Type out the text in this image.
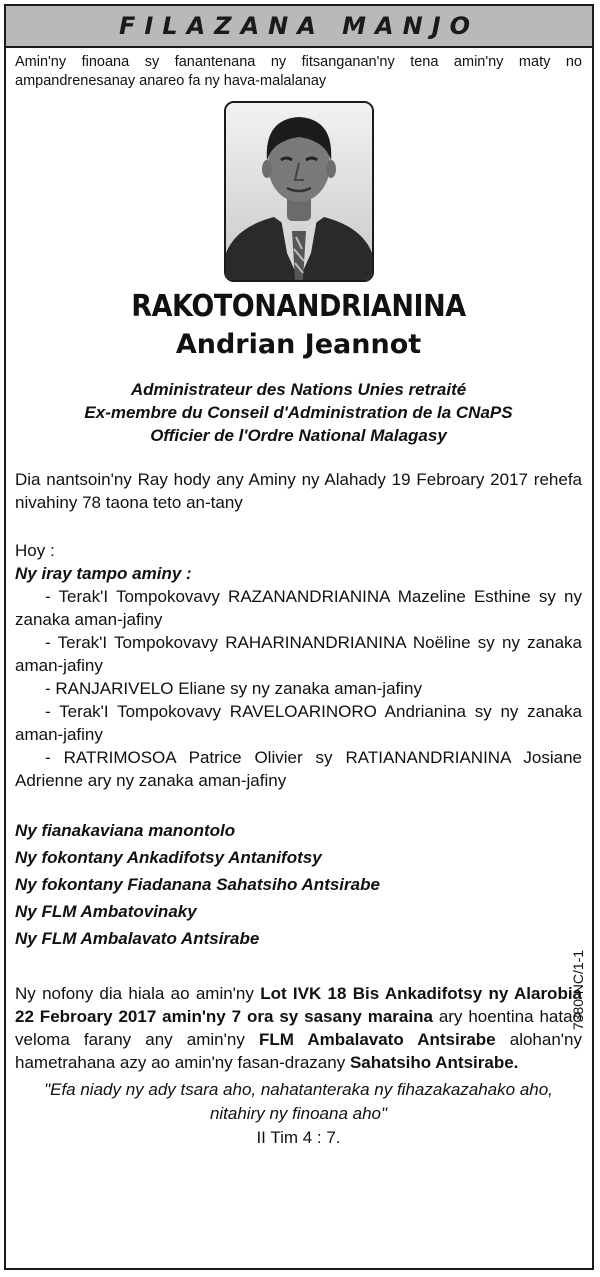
FILAZANA MANJO
Amin'ny finoana sy fanantenana ny fitsanganan'ny tena amin'ny maty no ampandrenesanay anareo fa ny hava-malalanay
RAKOTONANDRIANINA
Andrian Jeannot
Administrateur des Nations Unies retraité
Ex-membre du Conseil d'Administration de la CNaPS
Officier de l'Ordre National Malagasy
Dia nantsoin'ny Ray hody any Aminy ny Alahady 19 Febroary 2017 rehefa nivahiny 78 taona teto an-tany
Hoy :
Ny iray tampo aminy :
- Terak'I Tompokovavy RAZANANDRIANINA Mazeline Esthine sy ny zanaka aman-jafiny
- Terak'I Tompokovavy RAHARINANDRIANINA Noëline sy ny zanaka aman-jafiny
- RANJARIVELO Eliane sy ny zanaka aman-jafiny
- Terak'I Tompokovavy RAVELOARINORO Andrianina sy ny zanaka aman-jafiny
- RATRIMOSOA Patrice Olivier sy RATIANANDRIANINA Josiane Adrienne ary ny zanaka aman-jafiny
Ny fianakaviana manontolo
Ny fokontany Ankadifotsy Antanifotsy
Ny fokontany Fiadanana Sahatsiho Antsirabe
Ny FLM Ambatovinaky
Ny FLM Ambalavato Antsirabe
Ny nofony dia hiala ao amin'ny Lot IVK 18 Bis Ankadifotsy ny Alarobia 22 Febroary 2017 amin'ny 7 ora sy sasany maraina ary hoentina hatao veloma farany any amin'ny FLM Ambalavato Antsirabe alohan'ny hametrahana azy ao amin'ny fasan-drazany Sahatsiho Antsirabe.
"Efa niady ny ady tsara aho, nahatanteraka ny fihazakazahako aho, nitahiry ny finoana aho"
II Tim 4 : 7.
7380-NC/1-1
